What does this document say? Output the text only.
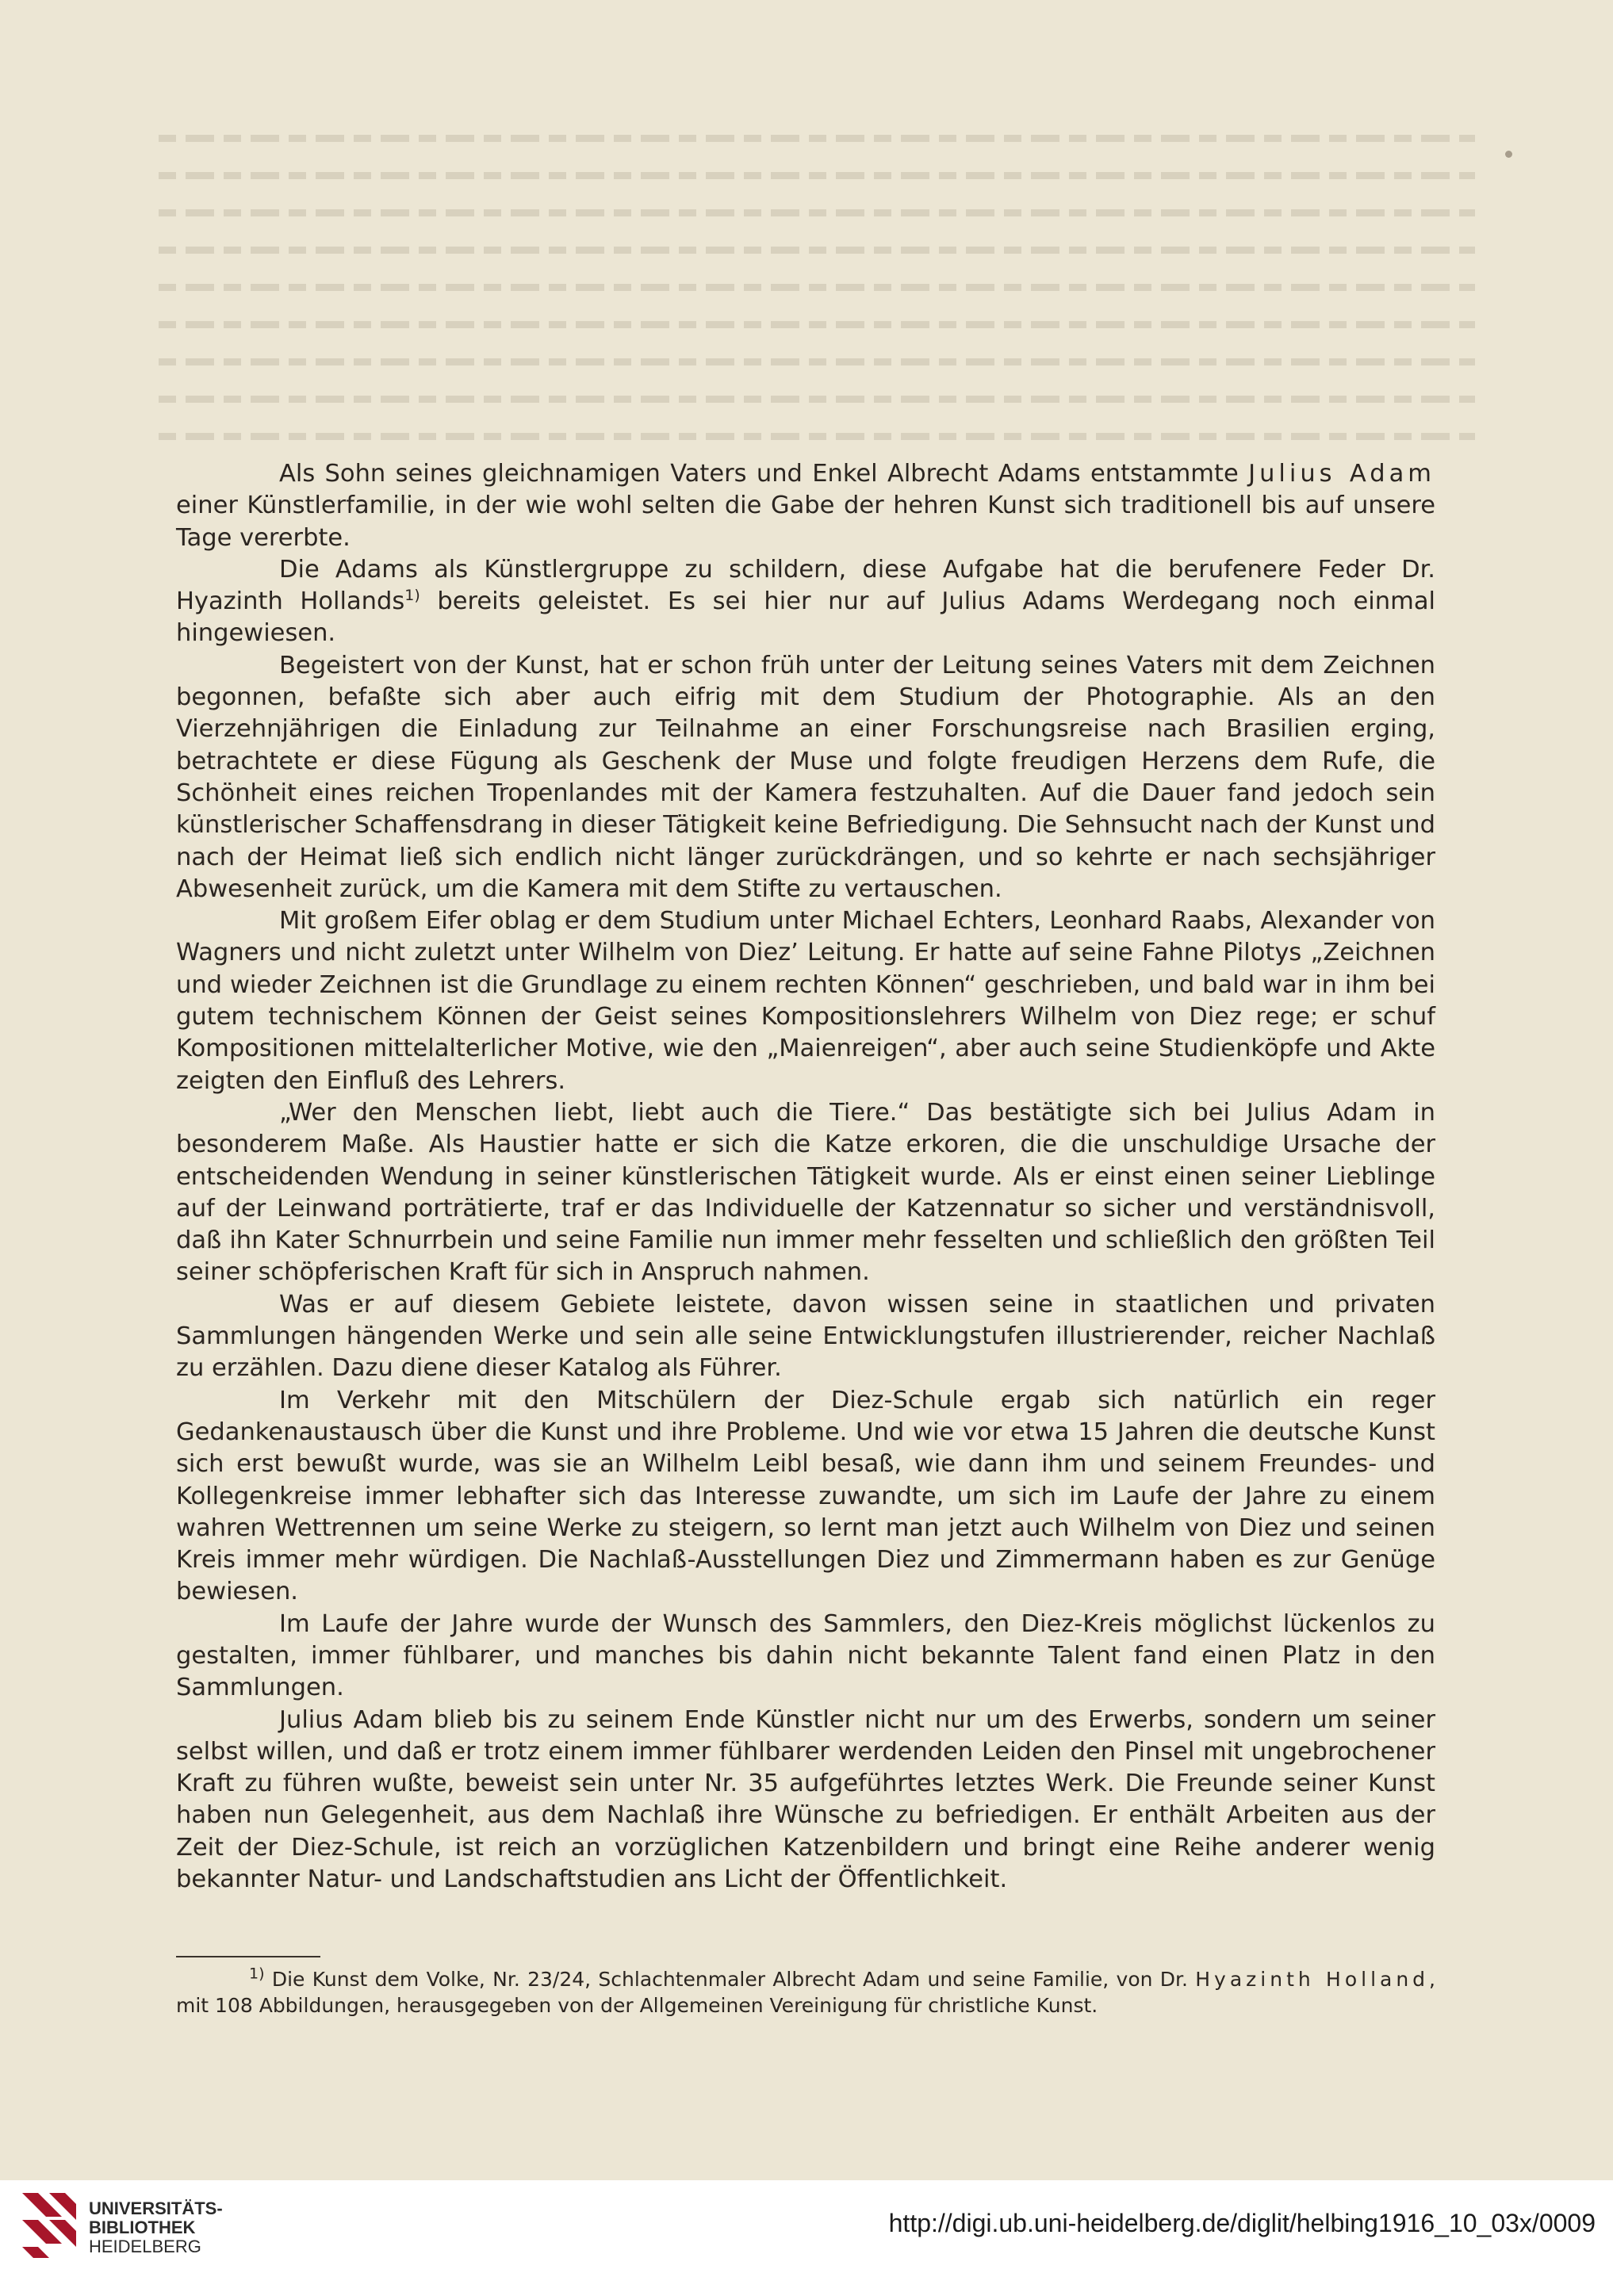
Als Sohn seines gleichnamigen Vaters und Enkel Albrecht Adams entstammte Julius Adam einer Künstlerfamilie, in der wie wohl selten die Gabe der hehren Kunst sich traditionell bis auf unsere Tage vererbte.

Die Adams als Künstlergruppe zu schildern, diese Aufgabe hat die berufenere Feder Dr. Hyazinth Hollands$^{1)}$ bereits geleistet. Es sei hier nur auf Julius Adams Werdegang noch einmal hingewiesen.

Begeistert von der Kunst, hat er schon früh unter der Leitung seines Vaters mit dem Zeichnen begonnen, befaßte sich aber auch eifrig mit dem Studium der Photographie. Als an den Vierzehnjährigen die Einladung zur Teilnahme an einer Forschungsreise nach Brasilien erging, betrachtete er diese Fügung als Geschenk der Muse und folgte freudigen Herzens dem Rufe, die Schönheit eines reichen Tropenlandes mit der Kamera festzuhalten. Auf die Dauer fand jedoch sein künstlerischer Schaffensdrang in dieser Tätigkeit keine Befriedigung. Die Sehnsucht nach der Kunst und nach der Heimat ließ sich endlich nicht länger zurückdrängen, und so kehrte er nach sechsjähriger Abwesenheit zurück, um die Kamera mit dem Stifte zu vertauschen.

Mit großem Eifer oblag er dem Studium unter Michael Echters, Leonhard Raabs, Alexander von Wagners und nicht zuletzt unter Wilhelm von Diez’ Leitung. Er hatte auf seine Fahne Pilotys „Zeichnen und wieder Zeichnen ist die Grundlage zu einem rechten Können“ geschrieben, und bald war in ihm bei gutem technischem Können der Geist seines Kompositionslehrers Wilhelm von Diez rege; er schuf Kompositionen mittelalterlicher Motive, wie den „Maienreigen“, aber auch seine Studienköpfe und Akte zeigten den Einfluß des Lehrers.

„Wer den Menschen liebt, liebt auch die Tiere.“ Das bestätigte sich bei Julius Adam in besonderem Maße. Als Haustier hatte er sich die Katze erkoren, die die unschuldige Ursache der entscheidenden Wendung in seiner künstlerischen Tätigkeit wurde. Als er einst einen seiner Lieblinge auf der Leinwand porträtierte, traf er das Individuelle der Katzennatur so sicher und verständnisvoll, daß ihn Kater Schnurrbein und seine Familie nun immer mehr fesselten und schließlich den größten Teil seiner schöpferischen Kraft für sich in Anspruch nahmen.

Was er auf diesem Gebiete leistete, davon wissen seine in staatlichen und privaten Sammlungen hängenden Werke und sein alle seine Entwicklungstufen illustrierender, reicher Nachlaß zu erzählen. Dazu diene dieser Katalog als Führer.

Im Verkehr mit den Mitschülern der Diez-Schule ergab sich natürlich ein reger Gedankenaustausch über die Kunst und ihre Probleme. Und wie vor etwa 15 Jahren die deutsche Kunst sich erst bewußt wurde, was sie an Wilhelm Leibl besaß, wie dann ihm und seinem Freundes- und Kollegenkreise immer lebhafter sich das Interesse zuwandte, um sich im Laufe der Jahre zu einem wahren Wettrennen um seine Werke zu steigern, so lernt man jetzt auch Wilhelm von Diez und seinen Kreis immer mehr würdigen. Die Nachlaß-Ausstellungen Diez und Zimmermann haben es zur Genüge bewiesen.

Im Laufe der Jahre wurde der Wunsch des Sammlers, den Diez-Kreis möglichst lückenlos zu gestalten, immer fühlbarer, und manches bis dahin nicht bekannte Talent fand einen Platz in den Sammlungen.

Julius Adam blieb bis zu seinem Ende Künstler nicht nur um des Erwerbs, sondern um seiner selbst willen, und daß er trotz einem immer fühlbarer werdenden Leiden den Pinsel mit ungebrochener Kraft zu führen wußte, beweist sein unter Nr. 35 aufgeführtes letztes Werk. Die Freunde seiner Kunst haben nun Gelegenheit, aus dem Nachlaß ihre Wünsche zu befriedigen. Er enthält Arbeiten aus der Zeit der Diez-Schule, ist reich an vorzüglichen Katzenbildern und bringt eine Reihe anderer wenig bekannter Natur- und Landschaftstudien ans Licht der Öffentlichkeit.

$^{1)}$ Die Kunst dem Volke, Nr. 23/24, Schlachtenmaler Albrecht Adam und seine Familie, von Dr. Hyazinth Holland, mit 108 Abbildungen, herausgegeben von der Allgemeinen Vereinigung für christliche Kunst.

UNIVERSITÄTS-
BIBLIOTHEK
HEIDELBERG
http://digi.ub.uni-heidelberg.de/diglit/helbing1916_10_03x/0009
